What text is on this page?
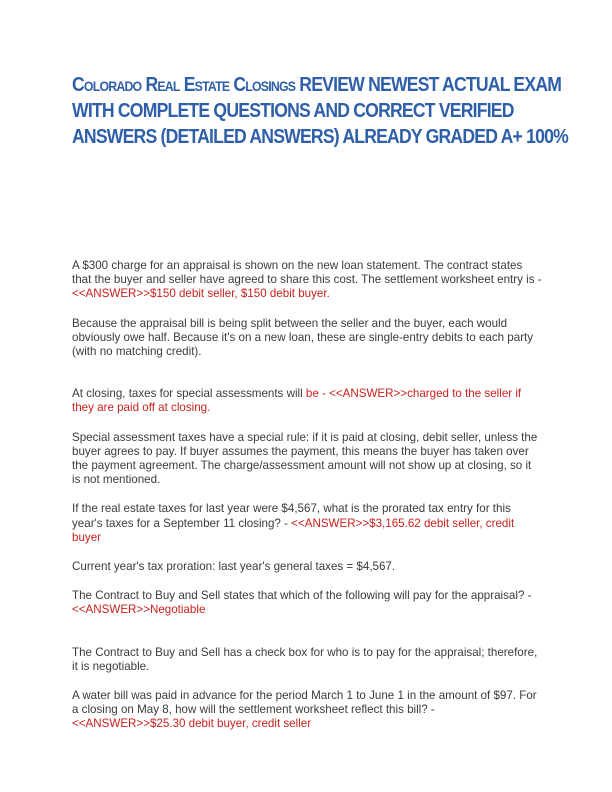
Colorado Real Estate Closings REVIEW NEWEST ACTUAL EXAM
WITH COMPLETE QUESTIONS AND CORRECT VERIFIED
ANSWERS (DETAILED ANSWERS) ALREADY GRADED A+ 100%

A $300 charge for an appraisal is shown on the new loan statement. The contract states that the buyer and seller have agreed to share this cost. The settlement worksheet entry is - <<ANSWER>>$150 debit seller, $150 debit buyer.

Because the appraisal bill is being split between the seller and the buyer, each would obviously owe half. Because it's on a new loan, these are single-entry debits to each party (with no matching credit).

At closing, taxes for special assessments will be - <<ANSWER>>charged to the seller if they are paid off at closing.

Special assessment taxes have a special rule: if it is paid at closing, debit seller, unless the buyer agrees to pay. If buyer assumes the payment, this means the buyer has taken over the payment agreement. The charge/assessment amount will not show up at closing, so it is not mentioned.

If the real estate taxes for last year were $4,567, what is the prorated tax entry for this year's taxes for a September 11 closing? - <<ANSWER>>$3,165.62 debit seller, credit buyer

Current year's tax proration: last year's general taxes = $4,567.

The Contract to Buy and Sell states that which of the following will pay for the appraisal? - <<ANSWER>>Negotiable

The Contract to Buy and Sell has a check box for who is to pay for the appraisal; therefore, it is negotiable.

A water bill was paid in advance for the period March 1 to June 1 in the amount of $97. For a closing on May 8, how will the settlement worksheet reflect this bill? - <<ANSWER>>$25.30 debit buyer, credit seller
